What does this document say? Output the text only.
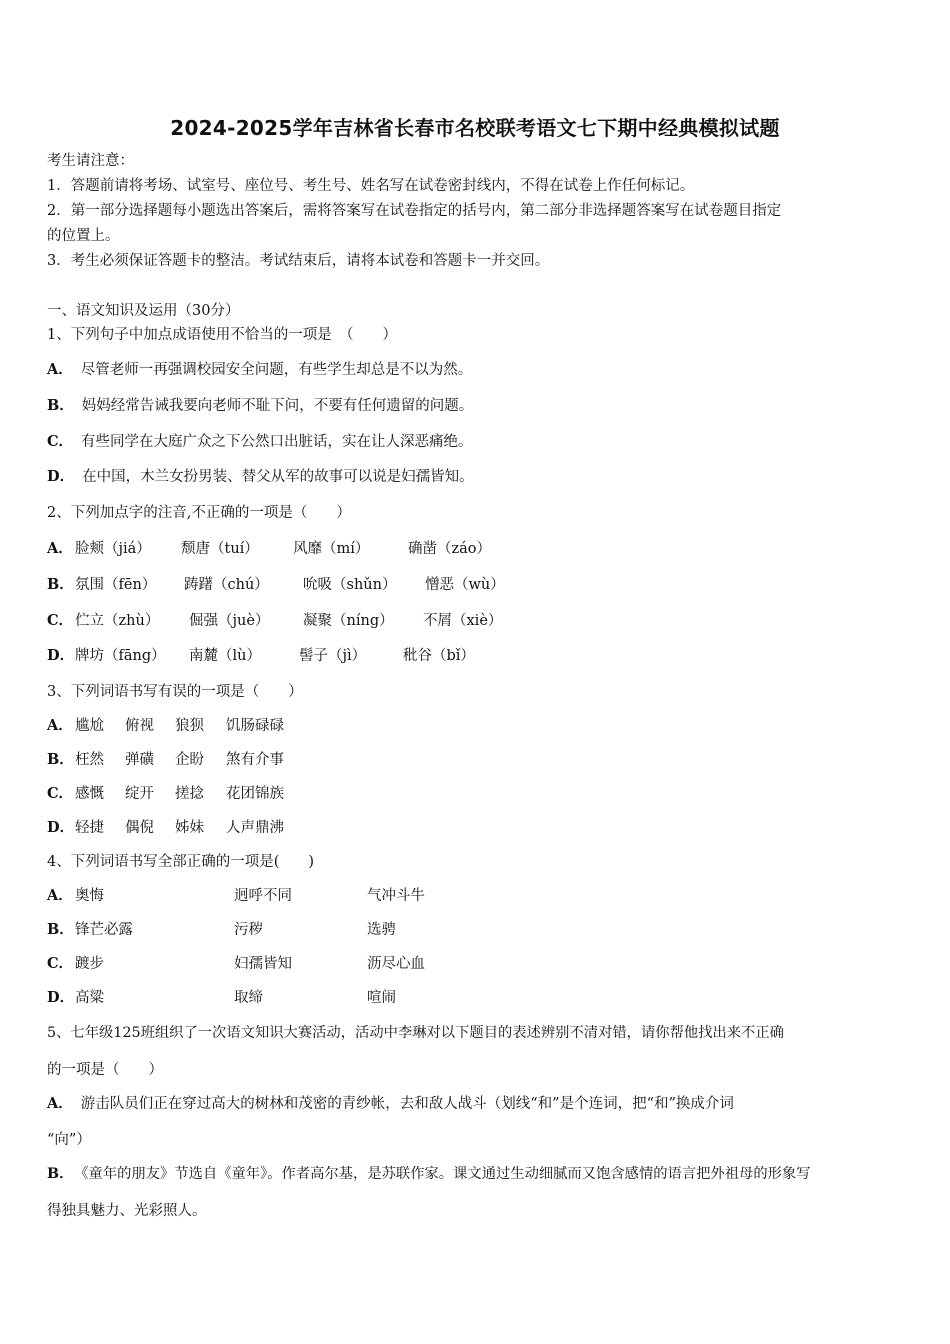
2024-2025学年吉林省长春市名校联考语文七下期中经典模拟试题
考生请注意：
1．答题前请将考场、试室号、座位号、考生号、姓名写在试卷密封线内，不得在试卷上作任何标记。
2．第一部分选择题每小题选出答案后，需将答案写在试卷指定的括号内，第二部分非选择题答案写在试卷题目指定
的位置上。
3．考生必须保证答题卡的整洁。考试结束后，请将本试卷和答题卡一并交回。
一、语文知识及运用（30分）
1、下列句子中加点成语使用不恰当的一项是　（　　）
A． 尽管老师一再强调校园安全问题，有些学生却总是不以为然。
B． 妈妈经常告诫我要向老师不耻下问，不要有任何遗留的问题。
C． 有些同学在大庭广众之下公然口出脏话，实在让人深恶痛绝。
D． 在中国，木兰女扮男装、替父从军的故事可以说是妇孺皆知。
2、下列加点字的注音,不正确的一项是（　　）
A． 脸颊（jiá） 颓唐（tuí） 风靡（mí）	确凿（záo）
B． 氛围（fēn） 踌躇（chú） 吮吸（shǔn） 憎恶（wù）
C． 伫立（zhù） 倔强（juè） 凝聚（níng） 不屑（xiè）
D． 牌坊（fāng） 南麓（lù）	髻子（jì）	秕谷（bǐ）
3、下列词语书写有误的一项是（　　）
A． 尴尬 俯视 狼狈 饥肠碌碌
B． 枉然 弹磺 企盼 煞有介事
C． 感慨 绽开 搓捻 花团锦族
D． 轻捷 偶倪 姊妹 人声鼎沸
4、下列词语书写全部正确的一项是(　　)
A． 奥悔	迥呼不同	气冲斗牛
B． 锋芒必露	污秽	选骋
C． 踱步	妇孺皆知	沥尽心血
D． 高粱	取缔	喧闹
5、七年级125班组织了一次语文知识大赛活动，活动中李琳对以下题目的表述辨别不清对错，请你帮他找出来不正确
的一项是（　　）
A． 游击队员们正在穿过高大的树林和茂密的青纱帐，去和敌人战斗（划线“和”是个连词，把“和”换成介词
“向”）
B． 《童年的朋友》节选自《童年》。作者高尔基，是苏联作家。课文通过生动细腻而又饱含感情的语言把外祖母的形象写
得独具魅力、光彩照人。
